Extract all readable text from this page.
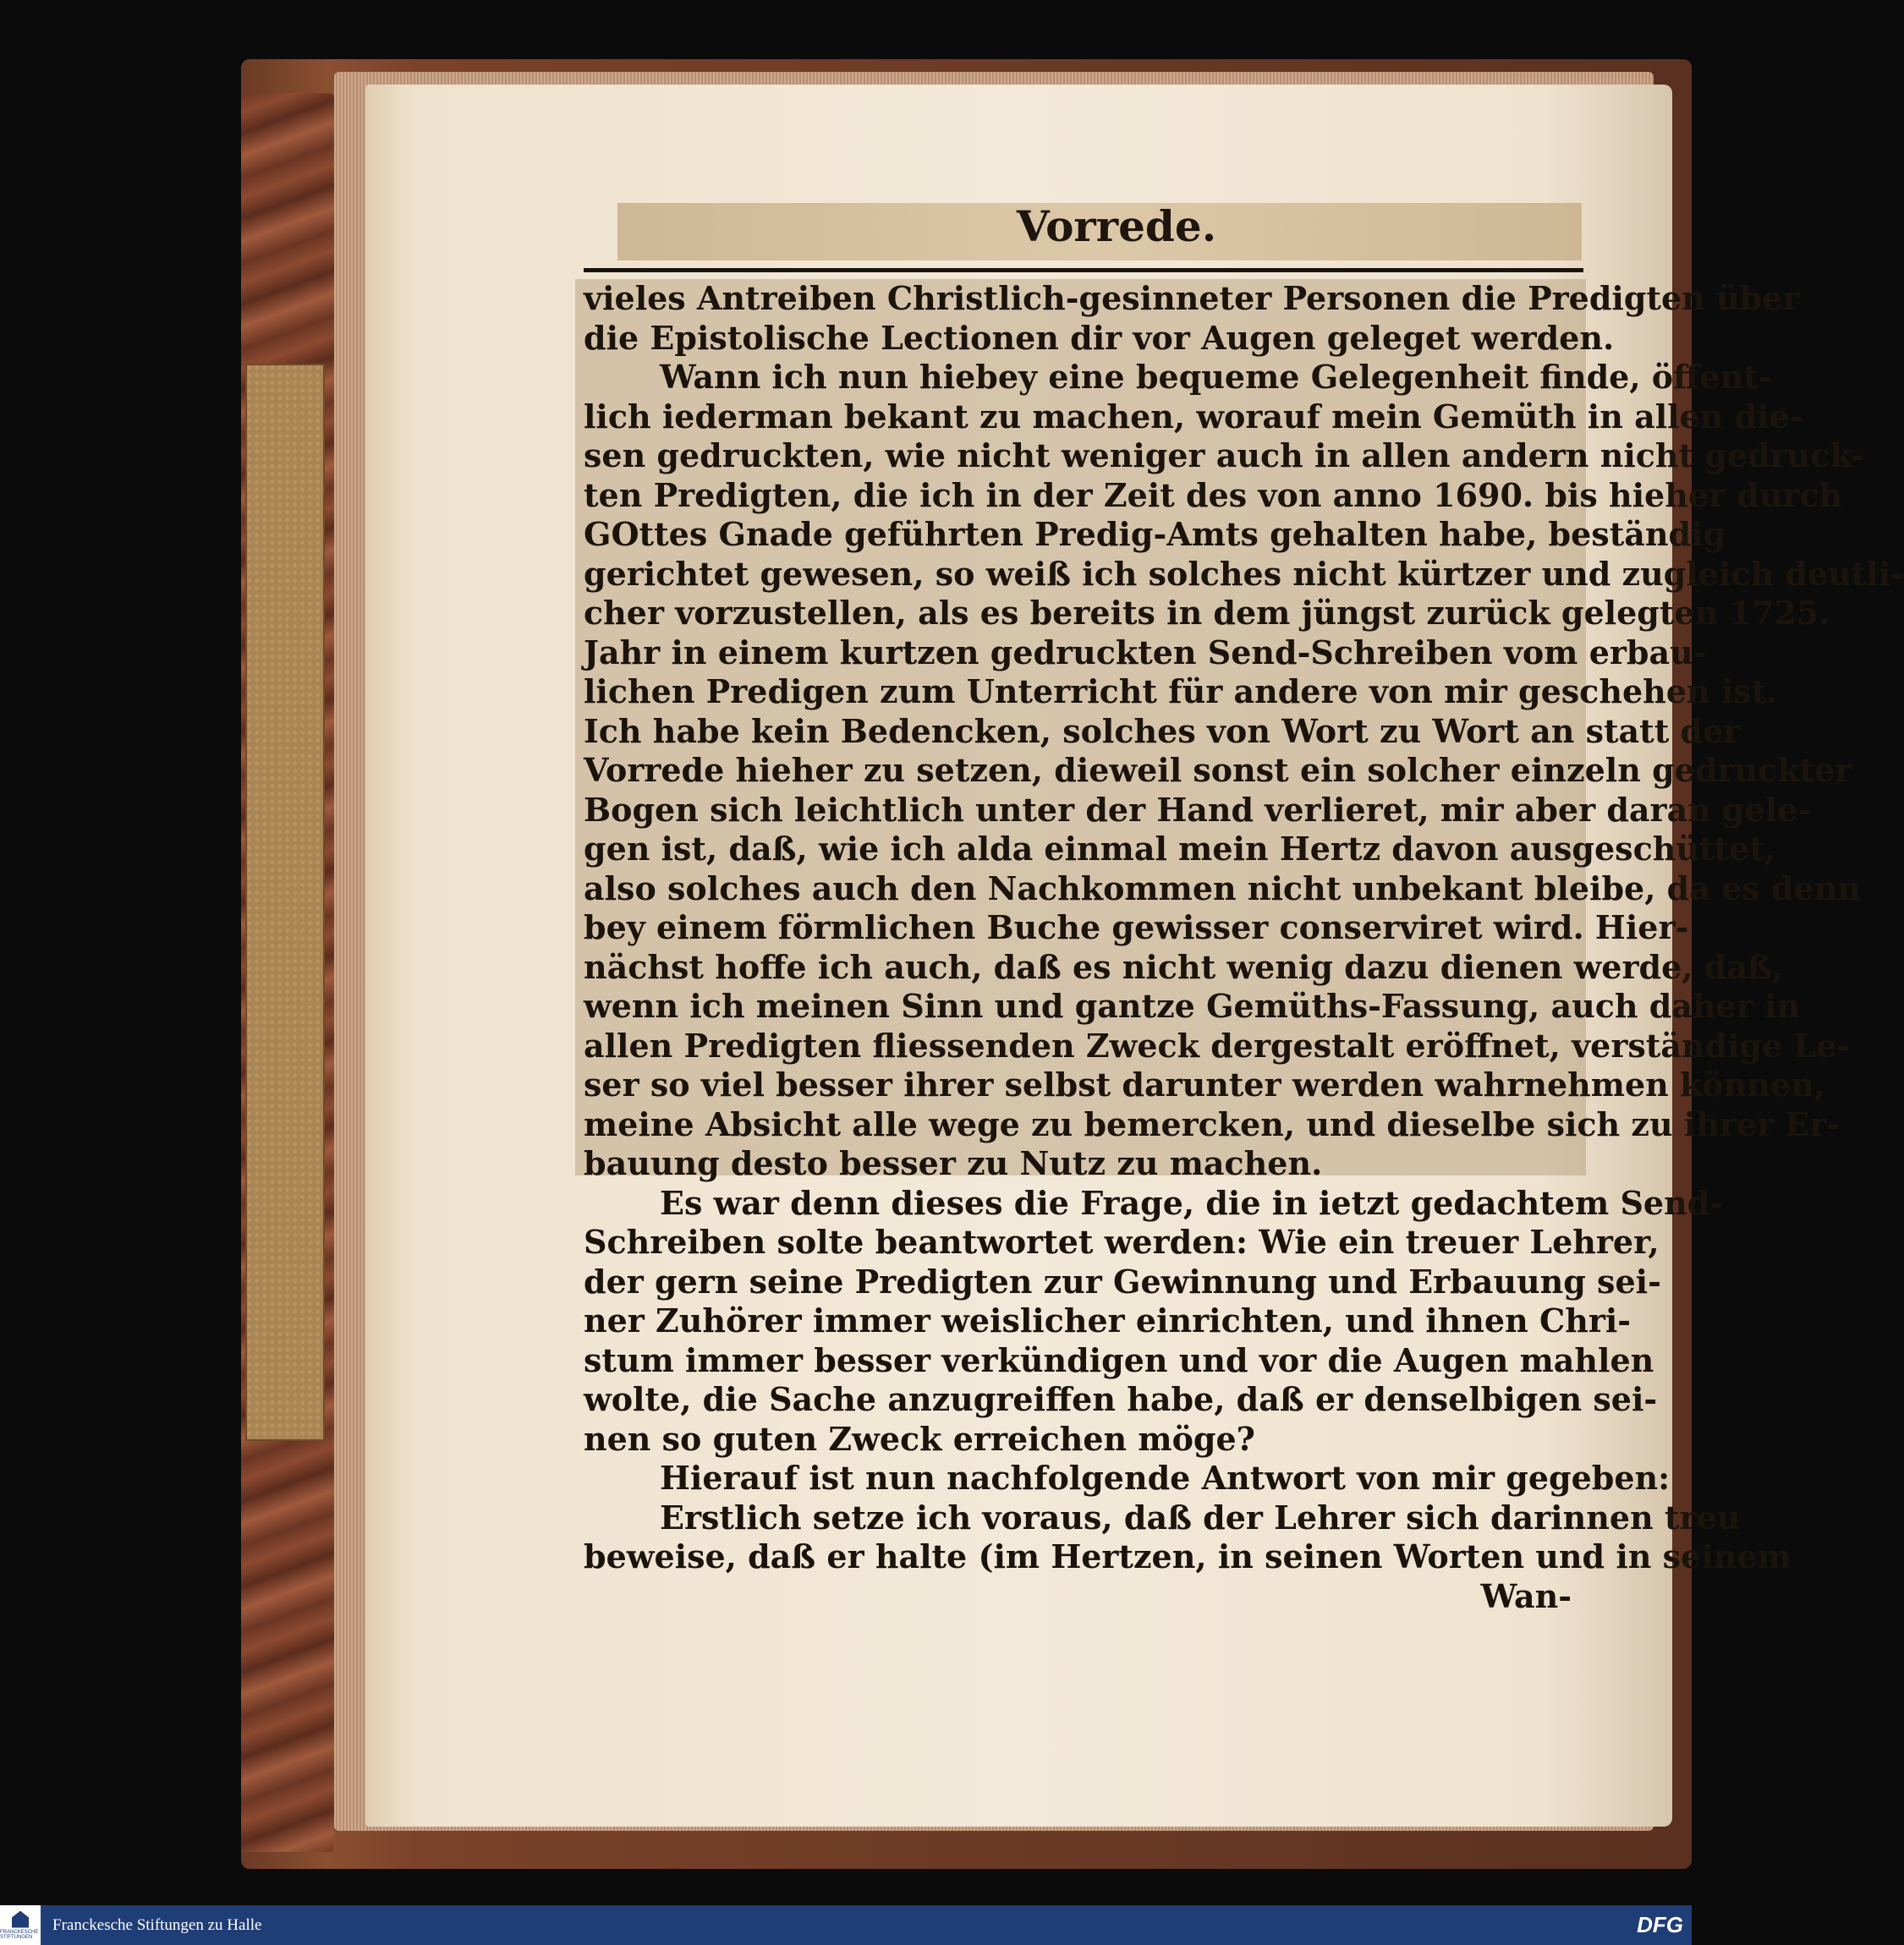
Vorrede.
vieles Antreiben Christlich-gesinneter Personen die Predigten über
die Epistolische Lectionen dir vor Augen geleget werden.
Wann ich nun hiebey eine bequeme Gelegenheit finde, öffent-
lich iederman bekant zu machen, worauf mein Gemüth in allen die-
sen gedruckten, wie nicht weniger auch in allen andern nicht gedruck-
ten Predigten, die ich in der Zeit des von anno 1690. bis hieher durch
GOttes Gnade geführten Predig-Amts gehalten habe, beständig
gerichtet gewesen, so weiß ich solches nicht kürtzer und zugleich deutli-
cher vorzustellen, als es bereits in dem jüngst zurück gelegten 1725.
Jahr in einem kurtzen gedruckten Send-Schreiben vom erbau-
lichen Predigen zum Unterricht für andere von mir geschehen ist.
Ich habe kein Bedencken, solches von Wort zu Wort an statt der
Vorrede hieher zu setzen, dieweil sonst ein solcher einzeln gedruckter
Bogen sich leichtlich unter der Hand verlieret, mir aber daran gele-
gen ist, daß, wie ich alda einmal mein Hertz davon ausgeschüttet,
also solches auch den Nachkommen nicht unbekant bleibe, da es denn
bey einem förmlichen Buche gewisser conserviret wird. Hier-
nächst hoffe ich auch, daß es nicht wenig dazu dienen werde, daß,
wenn ich meinen Sinn und gantze Gemüths-Fassung, auch daher in
allen Predigten fliessenden Zweck dergestalt eröffnet, verständige Le-
ser so viel besser ihrer selbst darunter werden wahrnehmen können,
meine Absicht alle wege zu bemercken, und dieselbe sich zu ihrer Er-
bauung desto besser zu Nutz zu machen.
Es war denn dieses die Frage, die in ietzt gedachtem Send-
Schreiben solte beantwortet werden: Wie ein treuer Lehrer,
der gern seine Predigten zur Gewinnung und Erbauung sei-
ner Zuhörer immer weislicher einrichten, und ihnen Chri-
stum immer besser verkündigen und vor die Augen mahlen
wolte, die Sache anzugreiffen habe, daß er denselbigen sei-
nen so guten Zweck erreichen möge?
Hierauf ist nun nachfolgende Antwort von mir gegeben:
Erstlich setze ich voraus, daß der Lehrer sich darinnen treu
beweise, daß er halte (im Hertzen, in seinen Worten und in seinem
Wan-
FRANCKESCHE STIFTUNGEN
Franckesche Stiftungen zu Halle	DFG
